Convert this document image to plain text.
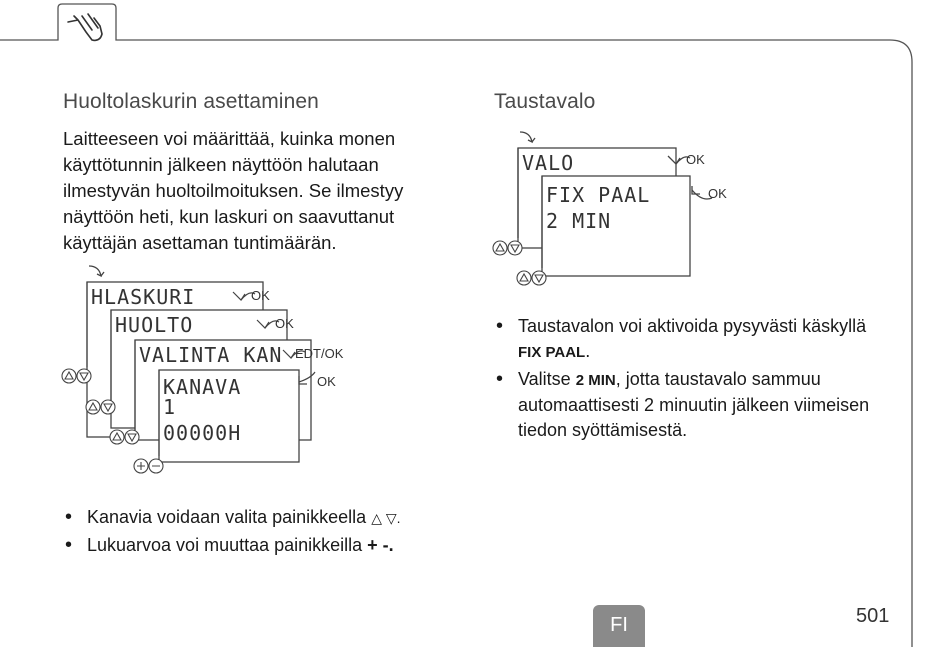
Huoltolaskurin asettaminen
Laitteeseen voi määrittää, kuinka monen
käyttötunnin jälkeen näyttöön halutaan
ilmestyvän huoltoilmoituksen. Se ilmestyy
näyttöön heti, kun laskuri on saavuttanut
käyttäjän asettaman tuntimäärän.
HLASKURI
HUOLTO
VALINTA KAN
KANAVA
1
00000H
OK
OK
EDT/OK
OK
• Kanavia voidaan valita painikkeella △ ▽.
• Lukuarvoa voi muuttaa painikkeilla + -.
Taustavalo
VALO
FIX PAAL
2 MIN
OK
OK
• Taustavalon voi aktivoida pysyvästi käskyllä
FIX PAAL.
• Valitse 2 MIN, jotta taustavalo sammuu automaattisesti 2 minuutin jälkeen viimeisen tiedon syöttämisestä.
FI	501
